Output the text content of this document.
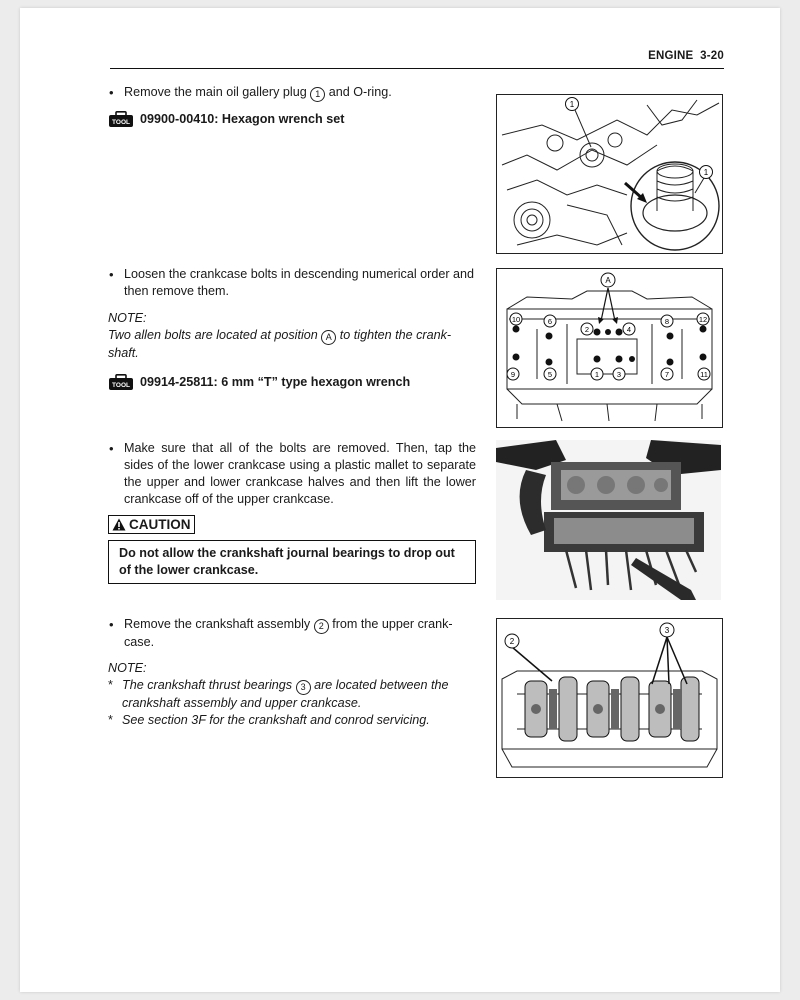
ENGINE 3-20
• Remove the main oil gallery plug 1 and O-ring.
TOOL 09900-00410: Hexagon wrench set
1
1
• Loosen the crankcase bolts in descending numerical order and then remove them.
NOTE:
Two allen bolts are located at position A to tighten the crank-shaft.
TOOL 09914-25811: 6 mm “T” type hexagon wrench
A
10	6
2	4
8	12
9	5	1 3	7	11
• Make sure that all of the bolts are removed. Then, tap the sides of the lower crankcase using a plastic mallet to separate the upper and lower crankcase halves and then lift the lower crankcase off of the upper crankcase.
CAUTION
Do not allow the crankshaft journal bearings to drop out of the lower crankcase.
• Remove the crankshaft assembly 2 from the upper crank-case.
NOTE:
* The crankshaft thrust bearings 3 are located between the crankshaft assembly and upper crankcase.
* See section 3F for the crankshaft and conrod servicing.
2
3
